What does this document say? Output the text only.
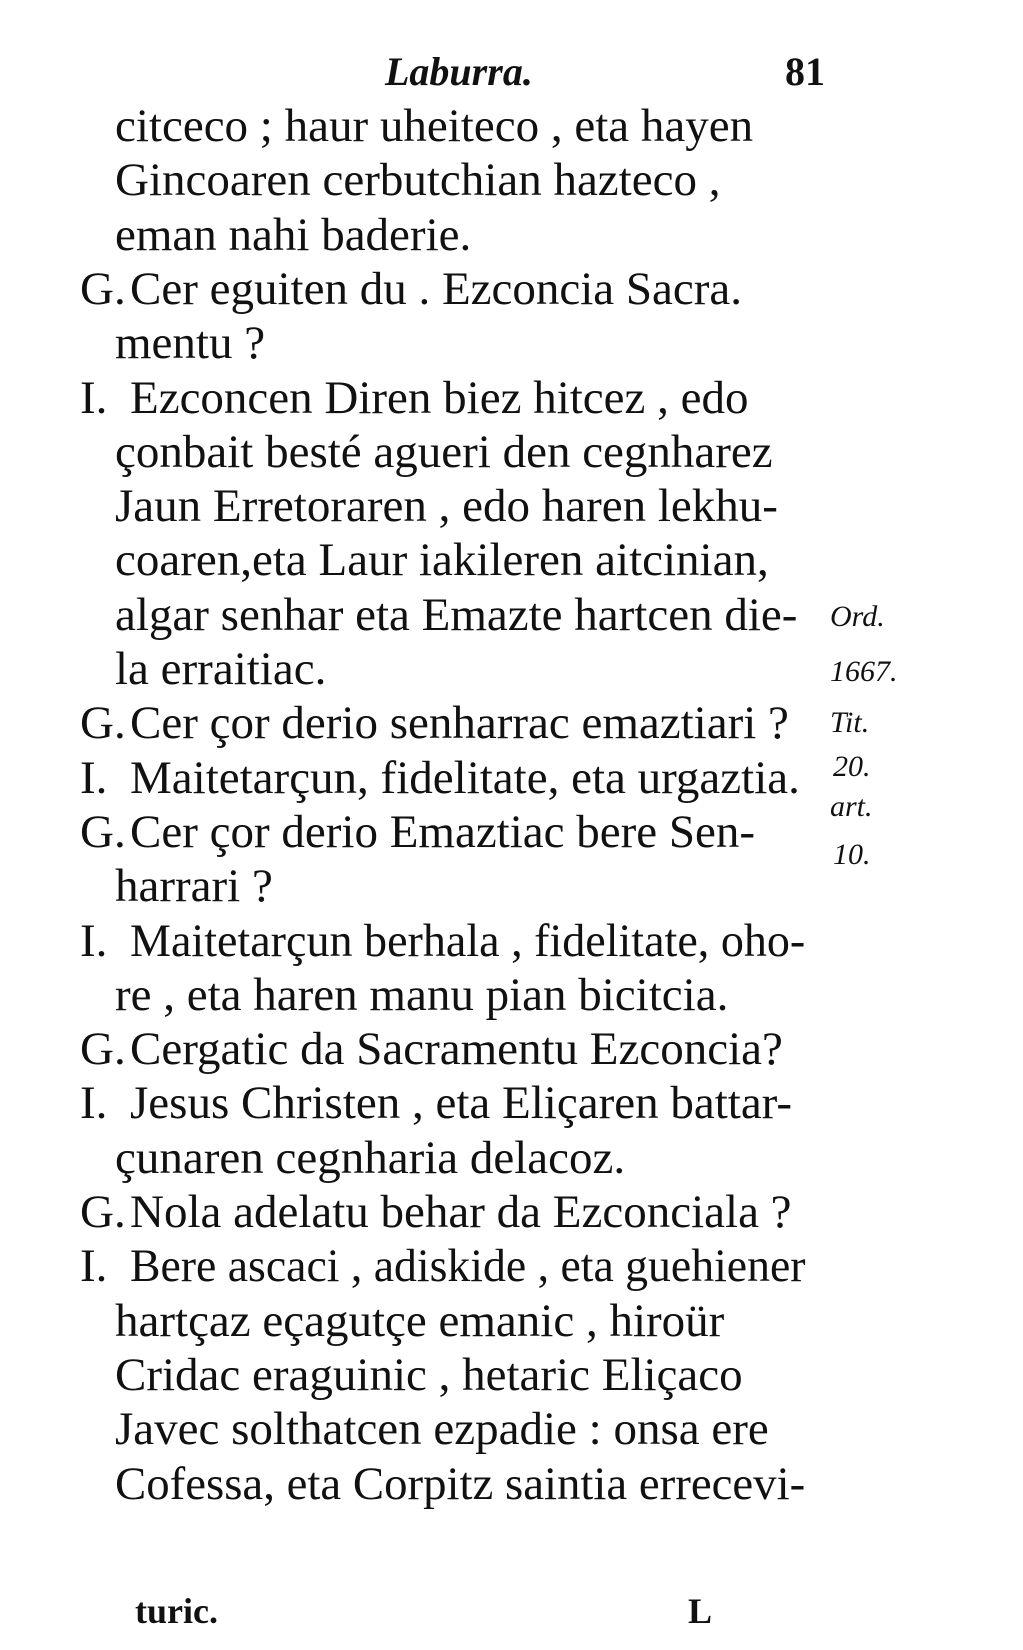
Laburra.	81
citceco ; haur uheiteco , eta hayen
Gincoaren cerbutchian hazteco ,
eman nahi baderie.
G. Cer eguiten du . Ezconcia Sacra.
mentu ?
I. Ezconcen Diren biez hitcez , edo
çonbait besté agueri den cegnharez
Jaun Erretoraren , edo haren lekhu-
coaren,eta Laur iakileren aitcinian,
algar senhar eta Emazte hartcen die-
la erraitiac.
G. Cer çor derio senharrac emaztiari ?
I. Maitetarçun, fidelitate, eta urgaztia.
G. Cer çor derio Emaztiac bere Sen-
harrari ?
I. Maitetarçun berhala , fidelitate, oho-
re , eta haren manu pian bicitcia.
G. Cergatic da Sacramentu Ezconcia?
I. Jesus Christen , eta Eliçaren battar-
çunaren cegnharia delacoz.
G. Nola adelatu behar da Ezconciala ?
I. Bere ascaci , adiskide , eta guehiener
hartçaz eçagutçe emanic , hiroür
Cridac eraguinic , hetaric Eliçaco
Javec solthatcen ezpadie : onsa ere
Cofessa, eta Corpitz saintia errecevi-
Ord.
1667.
Tit.
20.
art.
10.
turic.	L
